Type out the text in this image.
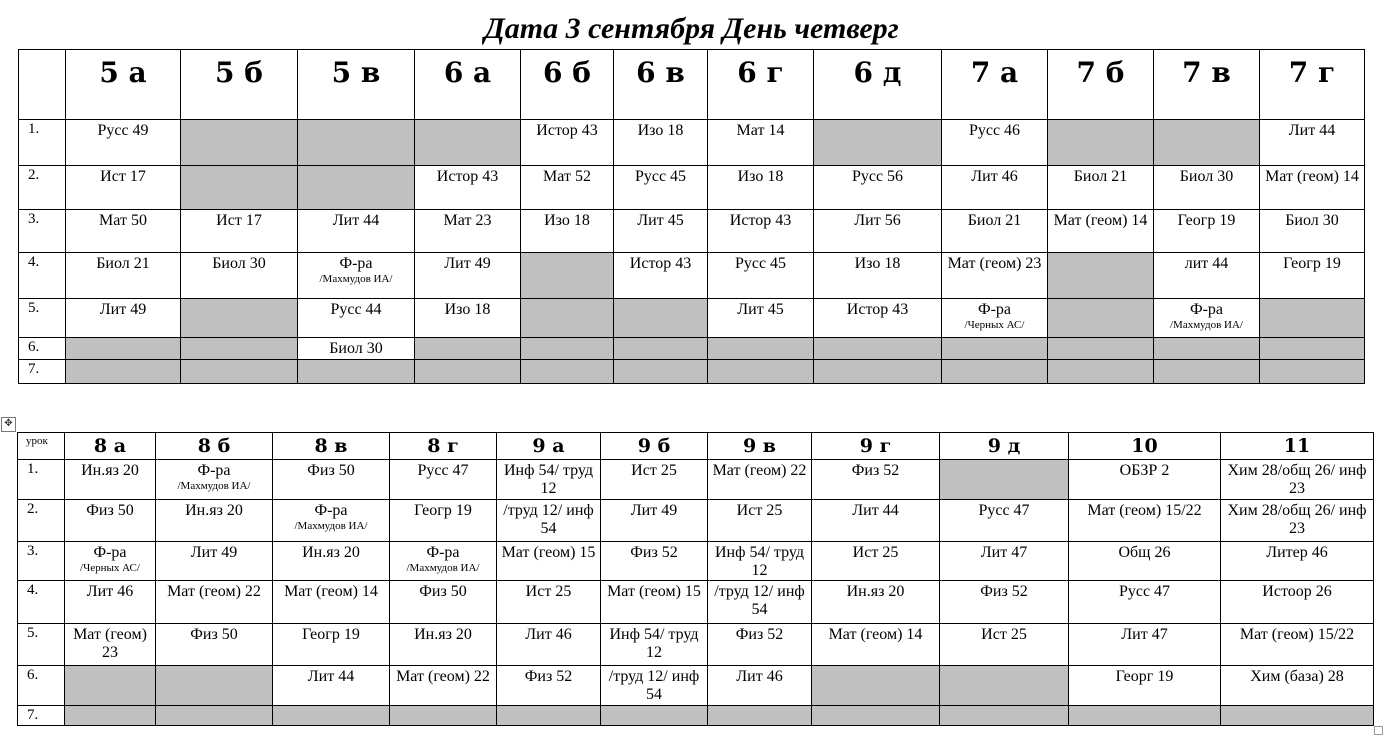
Дата 3 сентября День четверг
	5 а	5 б	5 в	6 а	6 б	6 в	6 г	6 д	7 а	7 б	7 в	7 г
1.	Русс 49				Истор 43	Изо 18	Мат 14		Русс 46			Лит 44

2.	Ист 17			Истор 43	Мат 52	Русс 45	Изо 18	Русс 56	Лит 46	Биол 21	Биол 30	Мат (геом) 14

3.	Мат 50	Ист 17	Лит 44	Мат 23	Изо 18	Лит 45	Истор 43	Лит 56	Биол 21	Мат (геом) 14	Геогр 19	Биол 30

4.	Биол 21	Биол 30	Ф-ра
/Махмудов ИА/	Лит 49		Истор 43	Русс 45	Изо 18	Мат (геом) 23		лит 44	Геогр 19

5.	Лит 49		Русс 44	Изо 18			Лит 45	Истор 43	Ф-ра
/Черных АС/		Ф-ра
/Махмудов ИА/	

6.			Биол 30									

7.												
✥
урок	8 а	8 б	8 в	8 г	9 а	9 б	9 в	9 г	9 д	10	11
1.	Ин.яз 20	Ф-ра
/Махмудов ИА/	Физ 50	Русс 47	Инф 54/ труд 12	Ист 25	Мат (геом) 22	Физ 52		ОБЗР 2	Хим 28/общ 26/ инф 23

2.	Физ 50	Ин.яз 20	Ф-ра
/Махмудов ИА/	Геогр 19	/труд 12/ инф 54	Лит 49	Ист 25	Лит 44	Русс 47	Мат (геом) 15/22	Хим 28/общ 26/ инф 23

3.	Ф-ра
/Черных АС/	Лит 49	Ин.яз 20	Ф-ра
/Махмудов ИА/	Мат (геом) 15	Физ 52	Инф 54/ труд 12	Ист 25	Лит 47	Общ 26	Литер 46

4.	Лит 46	Мат (геом) 22	Мат (геом) 14	Физ 50	Ист 25	Мат (геом) 15	/труд 12/ инф 54	Ин.яз 20	Физ 52	Русс 47	Истоор 26

5.	Мат (геом) 23	Физ 50	Геогр 19	Ин.яз 20	Лит 46	Инф 54/ труд 12	Физ 52	Мат (геом) 14	Ист 25	Лит 47	Мат (геом) 15/22

6.			Лит 44	Мат (геом) 22	Физ 52	/труд 12/ инф 54	Лит 46			Георг 19	Хим (база) 28

7.											
